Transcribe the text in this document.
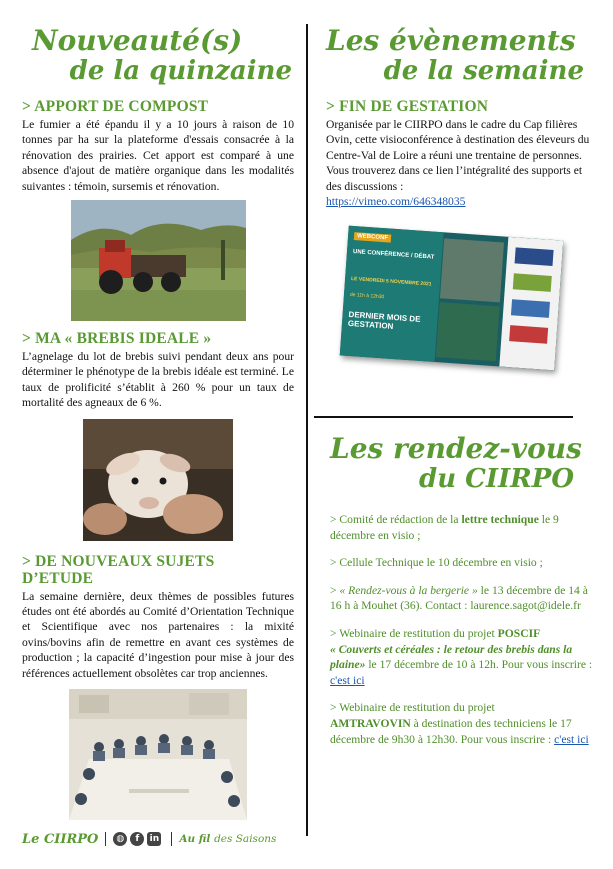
Nouveauté(s)
de la quinzaine
> APPORT DE COMPOST

Le fumier a été épandu il y a 10 jours à raison de 10 tonnes par ha sur la plateforme d'essais consacrée à la rénovation des prairies. Cet apport est comparé à une absence d'ajout de matière organique dans les modalités suivantes : témoin, sursemis et rénovation.

> MA « BREBIS IDEALE »

L’agnelage du lot de brebis suivi pendant deux ans pour déterminer le phénotype de la brebis idéale est terminé. Le taux de prolificité s’établit à 260 % pour un taux de mortalité des agneaux de 6 %.

> DE NOUVEAUX SUJETS
D’ETUDE

La semaine dernière, deux thèmes de possibles futures études ont été abordés au Comité d’Orientation Technique et Scientifique avec nos partenaires : la mixité ovins/bovins afin de remettre en avant ces systèmes de production ; la capacité d’ingestion pour mise à jour des références actuellement obsolètes car trop anciennes.

Les évènements
de la semaine
> FIN DE GESTATION

Organisée par le CIIRPO dans le cadre du Cap filières Ovin, cette visioconférence à destination des éleveurs du Centre-Val de Loire a réuni une trentaine de personnes. Vous trouverez dans ce lien l’intégralité des supports et des discussions :

https://vimeo.com/646348035
WEBCONF
UNE CONFÉRENCE / DÉBAT
LE VENDREDI 5 NOVEMBRE 2021
de 11h à 12h30
DERNIER MOIS DE GESTATION
Les rendez-vous
du CIIRPO

> Comité de rédaction de la lettre technique le 9 décembre en visio ;

> Cellule Technique le 10 décembre en visio ;

> « Rendez-vous à la bergerie » le 13 décembre de 14 à 16 h à Mouhet (36). Contact : laurence.sagot@idele.fr

> Webinaire de restitution du projet POSCIF
« Couverts et céréales : le retour des brebis dans la plaine» le 17 décembre de 10 à 12h. Pour vous inscrire : c'est ici

> Webinaire de restitution du projet
AMTRAVOVIN à destination des techniciens le 17 décembre de 9h30 à 12h30. Pour vous inscrire : c'est ici

Le CIIRPO	◍	f	in Au fil des Saisons
